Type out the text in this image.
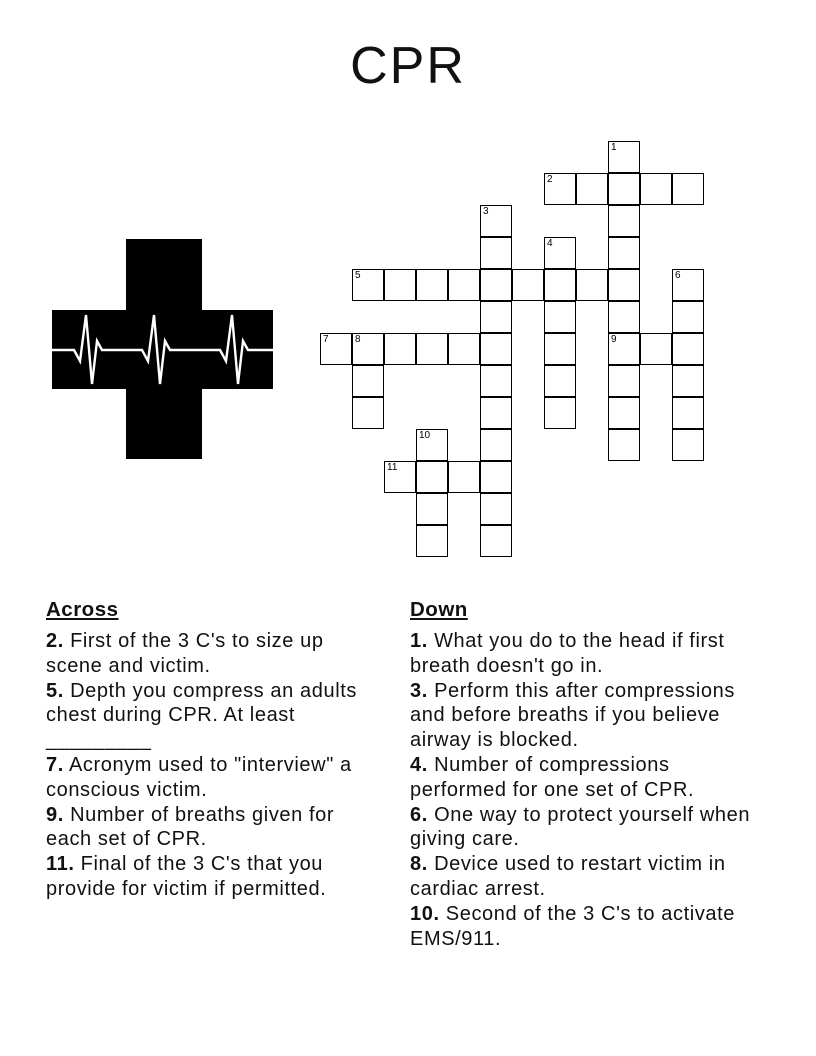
CPR
1
9
2
3
4
5	6
7	8
10
11
Across
2. First of the 3 C's to size up scene and victim.
5. Depth you compress an adults chest during CPR. At least _________
7. Acronym used to "interview" a conscious victim.
9. Number of breaths given for each set of CPR.
11. Final of the 3 C's that you provide for victim if permitted.
Down
1. What you do to the head if first breath doesn't go in.
3. Perform this after compressions and before breaths if you believe airway is blocked.
4. Number of compressions performed for one set of CPR.
6. One way to protect yourself when giving care.
8. Device used to restart victim in cardiac arrest.
10. Second of the 3 C's to activate EMS/911.
